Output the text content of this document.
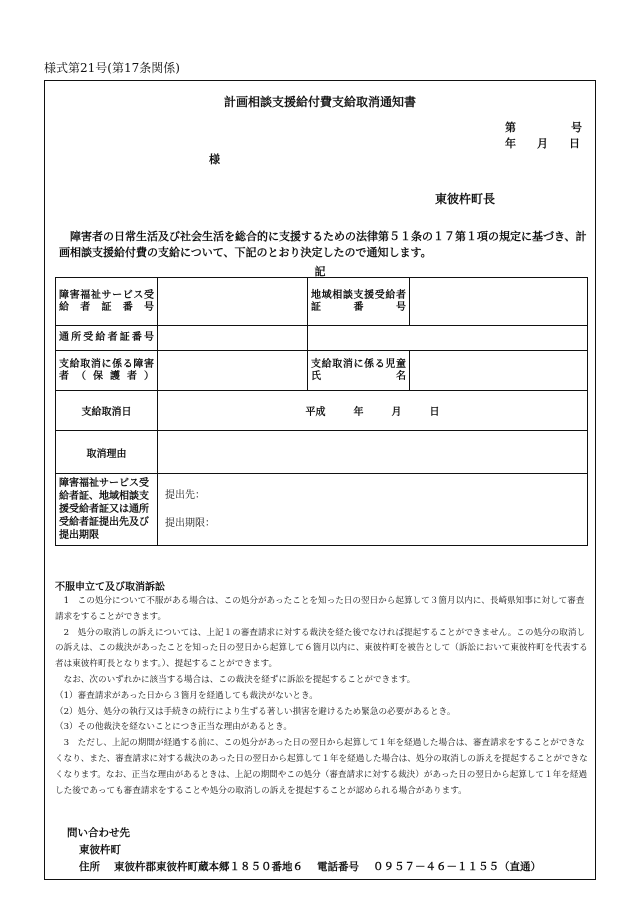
様式第21号(第17条関係)
計画相談支援給付費支給取消通知書
第	号
年 月 日
様
東彼杵町長
障害者の日常生活及び社会生活を総合的に支援するための法律第５１条の１７第１項の規定に基づき、計画相談支援給付費の支給について、下記のとおり決定したので通知します。
記
障害福祉サービス受給者証番号		地域相談支援受給者証番号	

通所受給者証番号			

支給取消に係る障害者（保護者）		支給取消に係る児童氏名	

支給取消日	平成 年 月 日		

取消理由			

障害福祉サービス受給者証、地域相談支援受給者証又は通所受給者証提出先及び提出期限	提出先：
提出期限：		
不服申立て及び取消訴訟

1　この処分について不服がある場合は、この処分があったことを知った日の翌日から起算して３箇月以内に、長崎県知事に対して審査請求をすることができます。

2　処分の取消しの訴えについては、上記１の審査請求に対する裁決を経た後でなければ提起することができません。この処分の取消しの訴えは、この裁決があったことを知った日の翌日から起算して６箇月以内に、東彼杵町を被告として（訴訟において東彼杵町を代表する者は東彼杵町長となります。）、提起することができます。

なお、次のいずれかに該当する場合は、この裁決を経ずに訴訟を提起することができます。

（1）審査請求があった日から３箇月を経過しても裁決がないとき。

（2）処分、処分の執行又は手続きの続行により生ずる著しい損害を避けるため緊急の必要があるとき。

（3）その他裁決を経ないことにつき正当な理由があるとき。

3　ただし、上記の期間が経過する前に、この処分があった日の翌日から起算して１年を経過した場合は、審査請求をすることができなくなり、また、審査請求に対する裁決のあった日の翌日から起算して１年を経過した場合は、処分の取消しの訴えを提起することができなくなります。なお、正当な理由があるときは、上記の期間やこの処分（審査請求に対する裁決）があった日の翌日から起算して１年を経過した後であっても審査請求をすることや処分の取消しの訴えを提起することが認められる場合があります。

問い合わせ先
東彼杵町
住所 東彼杵郡東彼杵町蔵本郷１８５０番地６ 電話番号 ０９５７－４６－１１５５（直通）
